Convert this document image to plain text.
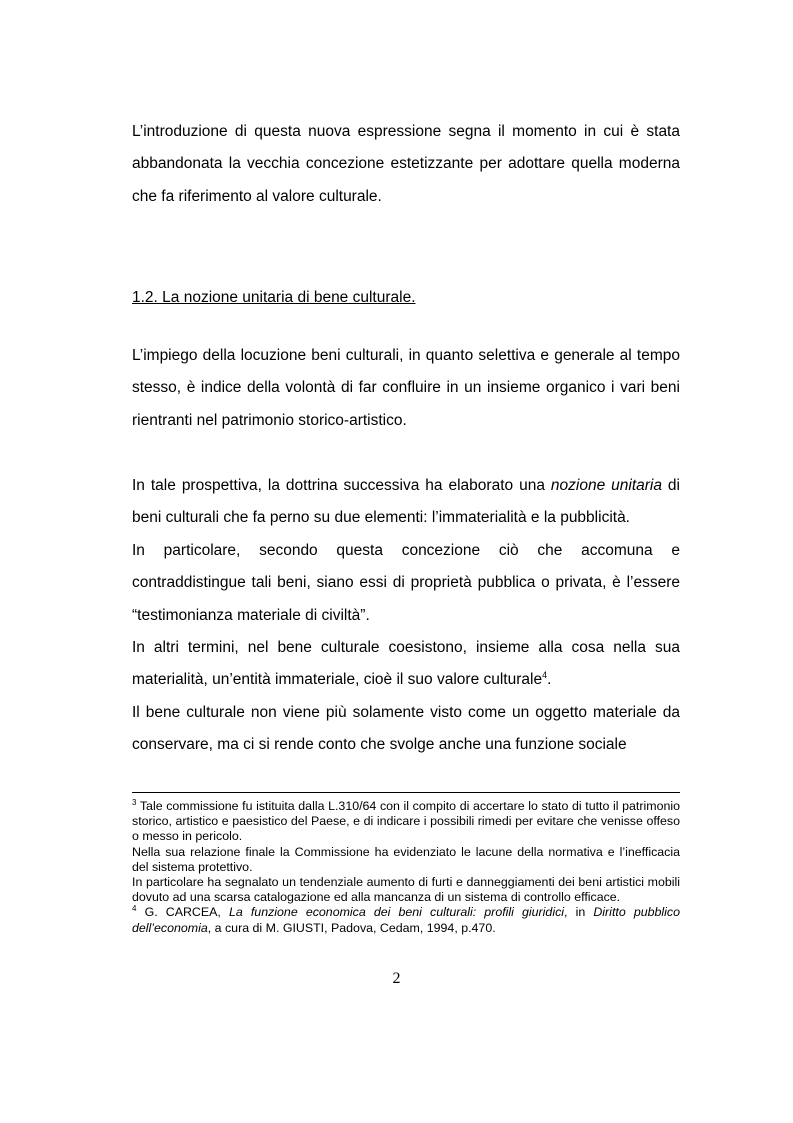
L’introduzione di questa nuova espressione segna il momento in cui è stata abbandonata la vecchia concezione estetizzante per adottare quella moderna che fa riferimento al valore culturale.

1.2. La nozione unitaria di bene culturale.

L’impiego della locuzione beni culturali, in quanto selettiva e generale al tempo stesso, è indice della volontà di far confluire in un insieme organico i vari beni rientranti nel patrimonio storico-artistico.

In tale prospettiva, la dottrina successiva ha elaborato una nozione unitaria di beni culturali che fa perno su due elementi: l’immaterialità e la pubblicità.

In particolare, secondo questa concezione ciò che accomuna e contraddistingue tali beni, siano essi di proprietà pubblica o privata, è l’essere “testimonianza materiale di civiltà”.

In altri termini, nel bene culturale coesistono, insieme alla cosa nella sua materialità, un’entità immateriale, cioè il suo valore culturale$^4$.

Il bene culturale non viene più solamente visto come un oggetto materiale da conservare, ma ci si rende conto che svolge anche una funzione sociale

$^3$ Tale commissione fu istituita dalla L.310/64 con il compito di accertare lo stato di tutto il patrimonio storico, artistico e paesistico del Paese, e di indicare i possibili rimedi per evitare che venisse offeso o messo in pericolo.

Nella sua relazione finale la Commissione ha evidenziato le lacune della normativa e l’inefficacia del sistema protettivo.

In particolare ha segnalato un tendenziale aumento di furti e danneggiamenti dei beni artistici mobili dovuto ad una scarsa catalogazione ed alla mancanza di un sistema di controllo efficace.

$^4$ G. CARCEA, La funzione economica dei beni culturali: profili giuridici, in Diritto pubblico dell’economia, a cura di M. GIUSTI, Padova, Cedam, 1994, p.470.

2
